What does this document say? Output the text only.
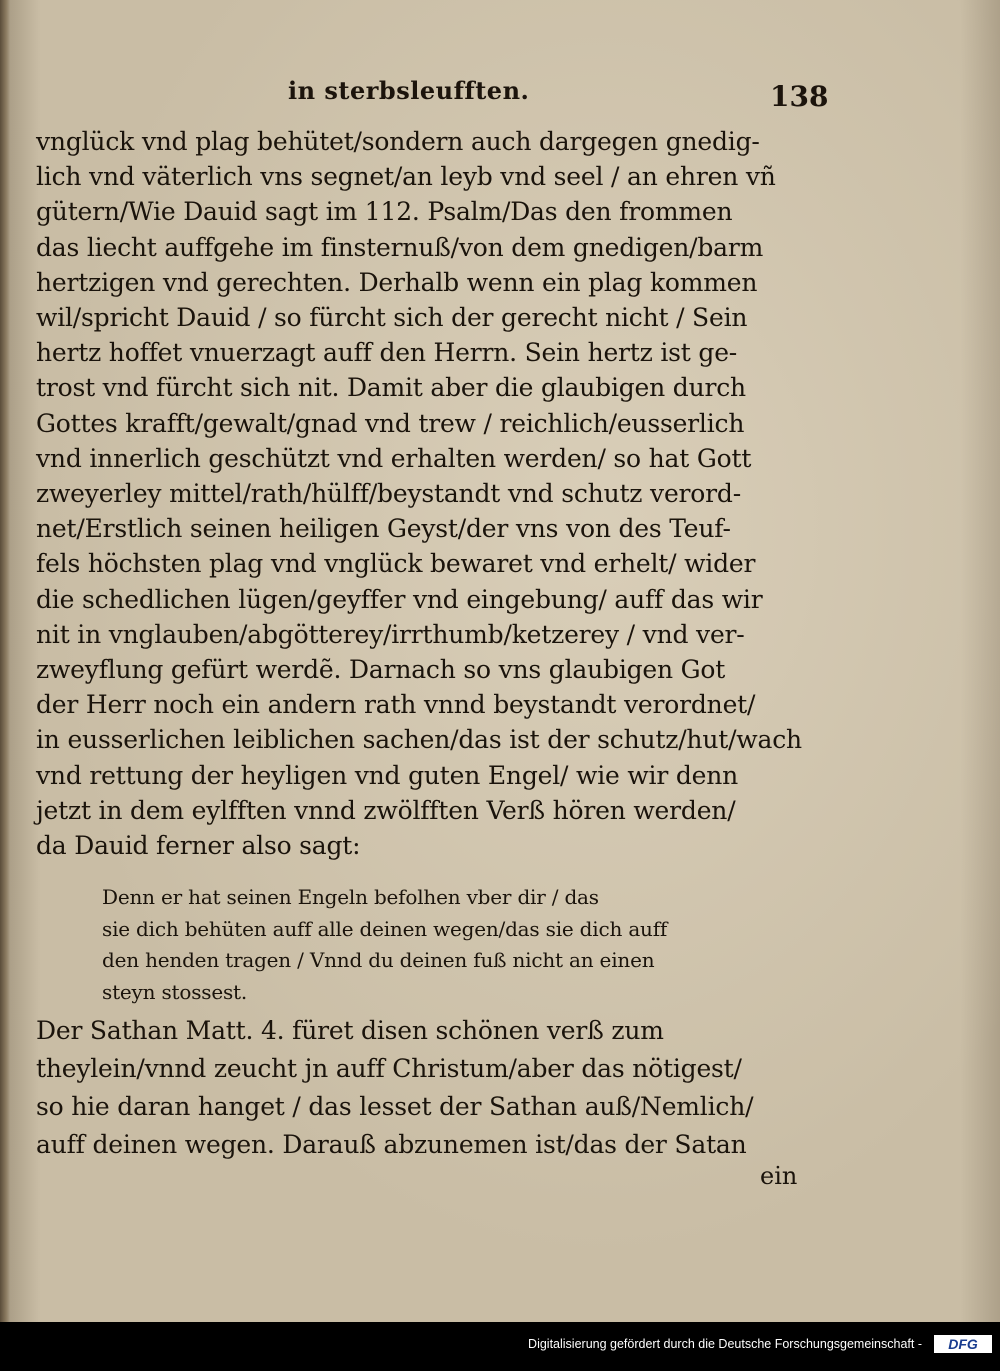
in sterbsleufften.	138
vnglück vnd plag behütet/sondern auch dargegen gnedig-
lich vnd väterlich vns segnet/an leyb vnd seel / an ehren vñ
gütern/Wie Dauid sagt im 112. Psalm/Das den frommen
das liecht auffgehe im finsternuß/von dem gnedigen/barm
hertzigen vnd gerechten. Derhalb wenn ein plag kommen
wil/spricht Dauid / so fürcht sich der gerecht nicht / Sein
hertz hoffet vnuerzagt auff den Herrn. Sein hertz ist ge-
trost vnd fürcht sich nit. Damit aber die glaubigen durch
Gottes krafft/gewalt/gnad vnd trew / reichlich/eusserlich
vnd innerlich geschützt vnd erhalten werden/ so hat Gott
zweyerley mittel/rath/hülff/beystandt vnd schutz verord-
net/Erstlich seinen heiligen Geyst/der vns von des Teuf-
fels höchsten plag vnd vnglück bewaret vnd erhelt/ wider
die schedlichen lügen/geyffer vnd eingebung/ auff das wir
nit in vnglauben/abgötterey/irrthumb/ketzerey / vnd ver-
zweyflung gefürt werdẽ. Darnach so vns glaubigen Got
der Herr noch ein andern rath vnnd beystandt verordnet/
in eusserlichen leiblichen sachen/das ist der schutz/hut/wach
vnd rettung der heyligen vnd guten Engel/ wie wir denn
jetzt in dem eylfften vnnd zwölfften Verß hören werden/
da Dauid ferner also sagt:
Denn er hat seinen Engeln befolhen vber dir / das
sie dich behüten auff alle deinen wegen/das sie dich auff
den henden tragen / Vnnd du deinen fuß nicht an einen
steyn stossest.
Der Sathan Matt. 4. füret disen schönen verß zum
theylein/vnnd zeucht jn auff Christum/aber das nötigest/
so hie daran hanget / das lesset der Sathan auß/Nemlich/
auff deinen wegen. Darauß abzunemen ist/das der Satan
ein
Digitalisierung gefördert durch die Deutsche Forschungsgemeinschaft -	DFG
